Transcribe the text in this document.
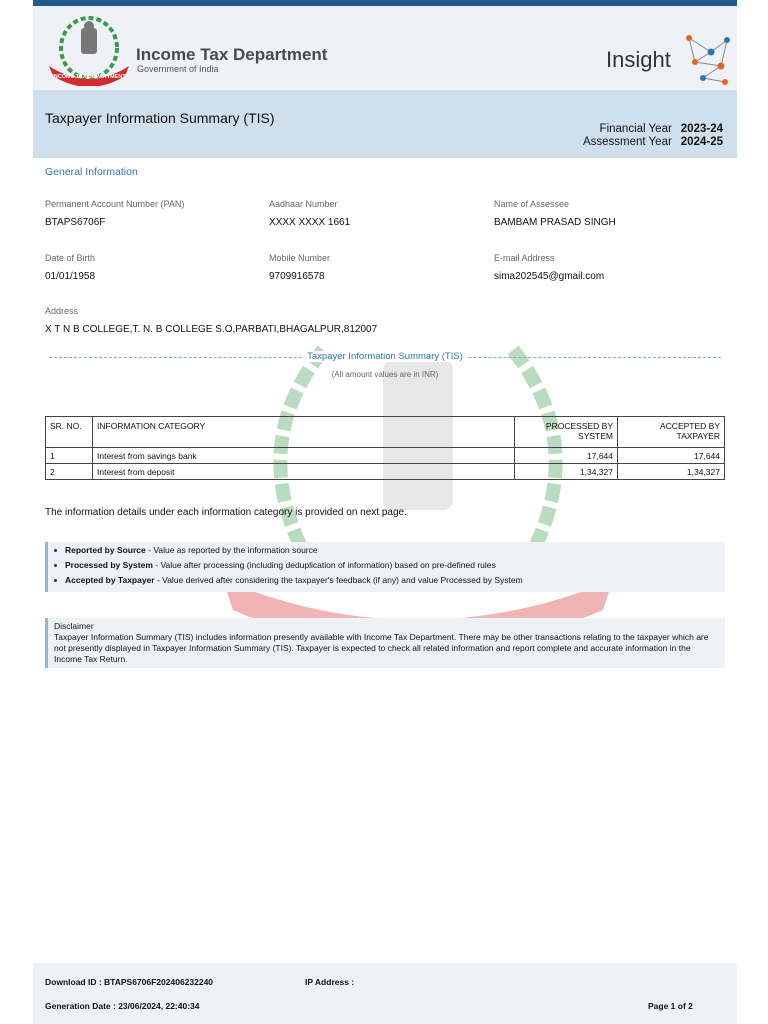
INCOME TAX DEPARTMENT
Income Tax Department
Government of India	Insight
Taxpayer Information Summary (TIS)
Financial Year 2023-24
Assessment Year 2024-25
General Information
Permanent Account Number (PAN)
BTAPS6706F
Aadhaar Number
XXXX XXXX 1661
Name of Assessee
BAMBAM PRASAD SINGH
Date of Birth
01/01/1958
Mobile Number
9709916578
E-mail Address
sima202545@gmail.com
Address
X T N B COLLEGE,T. N. B COLLEGE S.O,PARBATI,BHAGALPUR,812007
Taxpayer Information Summary (TIS)
(All amount values are in INR)
SR. NO.	INFORMATION CATEGORY	PROCESSED BY SYSTEM	ACCEPTED BY TAXPAYER
1	Interest from savings bank	17,644	17,644
2	Interest from deposit	1,34,327	1,34,327
The information details under each information category is provided on next page.
Reported by Source - Value as reported by the information source
Processed by System - Value after processing (including deduplication of information) based on pre-defined rules
Accepted by Taxpayer - Value derived after considering the taxpayer's feedback (if any) and value Processed by System
Disclaimer
Taxpayer Information Summary (TIS) includes information presently available with Income Tax Department. There may be other transactions relating to the taxpayer which are not presently displayed in Taxpayer Information Summary (TIS). Taxpayer is expected to check all related information and report complete and accurate information in the Income Tax Return.
Download ID : BTAPS6706F202406232240	IP Address :
Generation Date : 23/06/2024, 22:40:34	Page 1 of 2
